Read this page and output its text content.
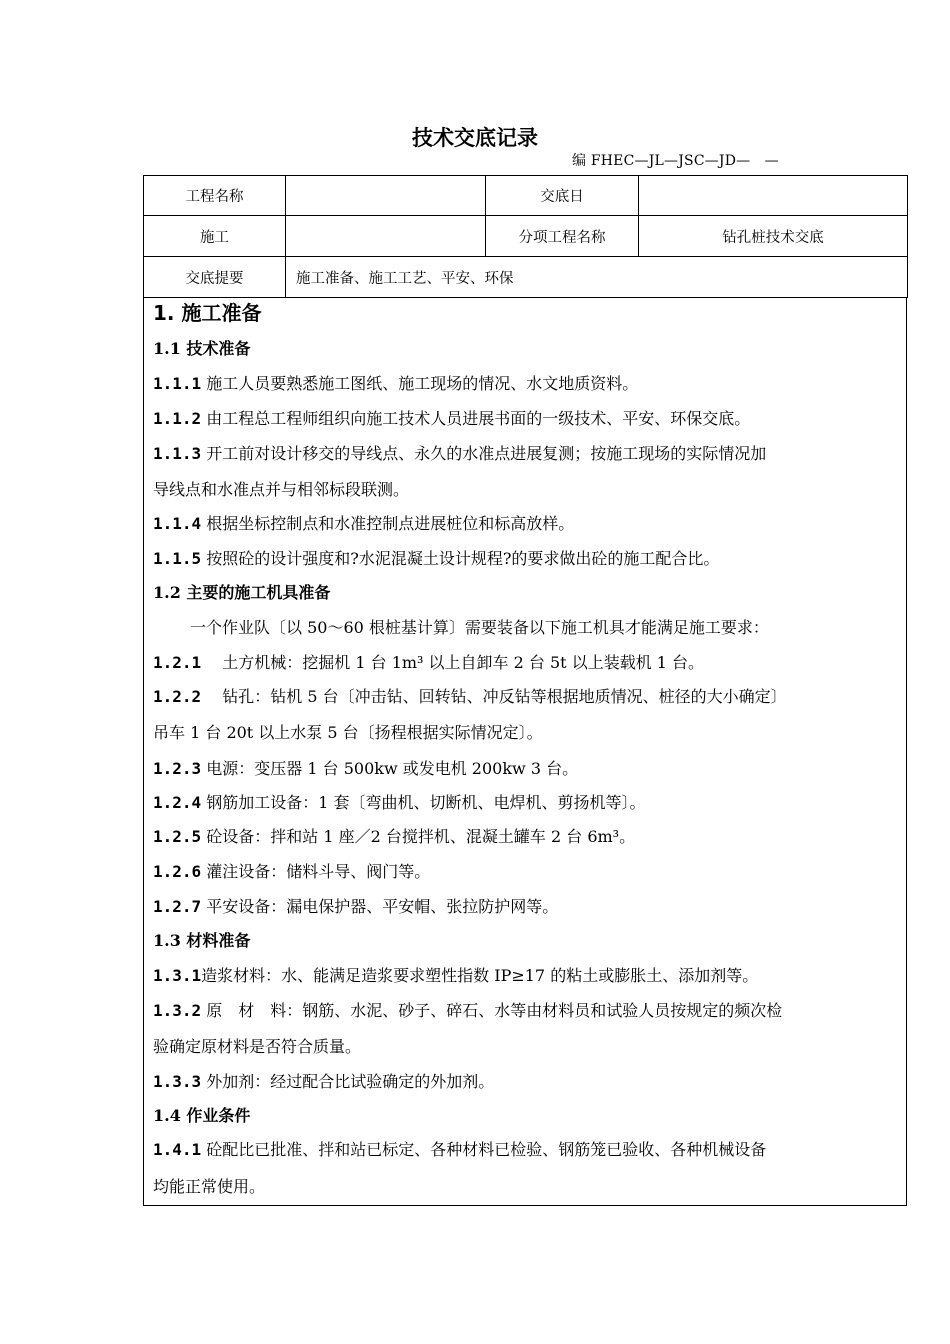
技术交底记录
编 FHEC—JL—JSC—JD—　—
工程名称		交底日	
施工		分项工程名称	钻孔桩技术交底
交底提要	施工准备、施工工艺、平安、环保		
1. 施工准备
1.1 技术准备
1.1.1 施工人员要熟悉施工图纸、施工现场的情况、水文地质资料。
1.1.2 由工程总工程师组织向施工技术人员进展书面的一级技术、平安、环保交底。
1.1.3 开工前对设计移交的导线点、永久的水准点进展复测；按施工现场的实际情况加
导线点和水准点并与相邻标段联测。
1.1.4 根据坐标控制点和水准控制点进展桩位和标高放样。
1.1.5 按照砼的设计强度和?水泥混凝土设计规程?的要求做出砼的施工配合比。
1.2 主要的施工机具准备
一个作业队〔以 50～60 根桩基计算〕需要装备以下施工机具才能满足施工要求：
1.2.1 　土方机械：挖掘机 1 台 1m³ 以上自卸车 2 台 5t 以上装载机 1 台。
1.2.2 　钻孔：钻机 5 台〔冲击钻、回转钻、冲反钻等根据地质情况、桩径的大小确定〕
吊车 1 台 20t 以上水泵 5 台〔扬程根据实际情况定〕。
1.2.3 电源：变压器 1 台 500kw 或发电机 200kw 3 台。
1.2.4 钢筋加工设备：1 套〔弯曲机、切断机、电焊机、剪扬机等〕。
1.2.5 砼设备：拌和站 1 座／2 台搅拌机、混凝土罐车 2 台 6m³。
1.2.6 灌注设备：储料斗导、阀门等。
1.2.7 平安设备：漏电保护器、平安帽、张拉防护网等。
1.3 材料准备
1.3.1造浆材料：水、能满足造浆要求塑性指数 IP≥17 的粘土或膨胀土、添加剂等。
1.3.2 原　材　料：钢筋、水泥、砂子、碎石、水等由材料员和试验人员按规定的频次检
验确定原材料是否符合质量。
1.3.3 外加剂：经过配合比试验确定的外加剂。
1.4 作业条件
1.4.1 砼配比已批准、拌和站已标定、各种材料已检验、钢筋笼已验收、各种机械设备
均能正常使用。
